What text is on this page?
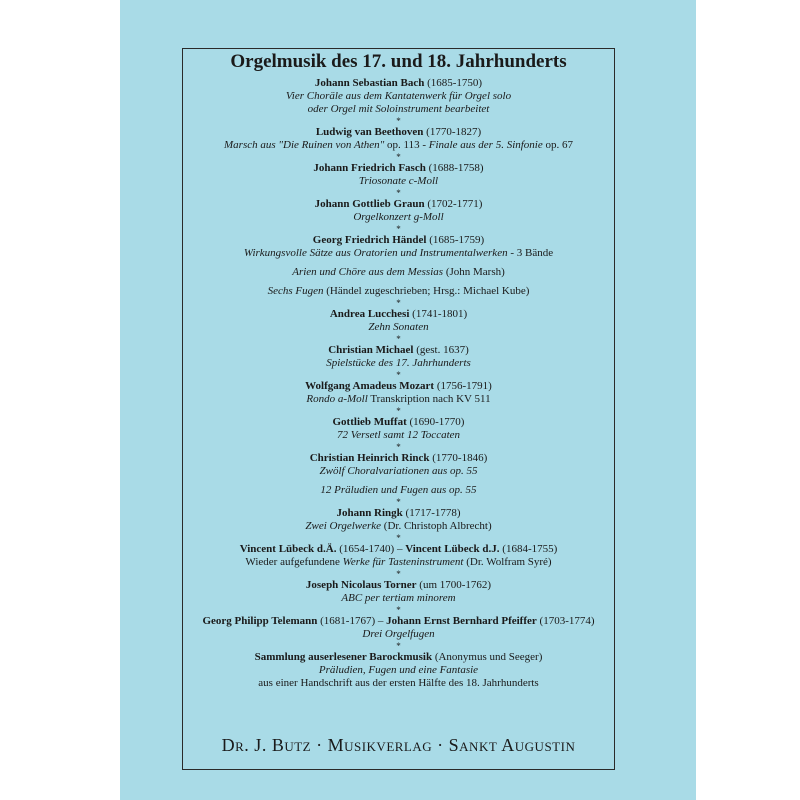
Orgelmusik des 17. und 18. Jahrhunderts
Johann Sebastian Bach (1685-1750)
Vier Choräle aus dem Kantatenwerk für Orgel solo
oder Orgel mit Soloinstrument bearbeitet
*
Ludwig van Beethoven (1770-1827)
Marsch aus "Die Ruinen von Athen" op. 113 - Finale aus der 5. Sinfonie op. 67
*
Johann Friedrich Fasch (1688-1758)
Triosonate c-Moll
*
Johann Gottlieb Graun (1702-1771)
Orgelkonzert g-Moll
*
Georg Friedrich Händel (1685-1759)
Wirkungsvolle Sätze aus Oratorien und Instrumentalwerken - 3 Bände
Arien und Chöre aus dem Messias (John Marsh)
Sechs Fugen (Händel zugeschrieben; Hrsg.: Michael Kube)
*
Andrea Lucchesi (1741-1801)
Zehn Sonaten
*
Christian Michael (gest. 1637)
Spielstücke des 17. Jahrhunderts
*
Wolfgang Amadeus Mozart (1756-1791)
Rondo a-Moll Transkription nach KV 511
*
Gottlieb Muffat (1690-1770)
72 Versetl samt 12 Toccaten
*
Christian Heinrich Rinck (1770-1846)
Zwölf Choralvariationen aus op. 55
12 Präludien und Fugen aus op. 55
*
Johann Ringk (1717-1778)
Zwei Orgelwerke (Dr. Christoph Albrecht)
*
Vincent Lübeck d.Ä. (1654-1740) – Vincent Lübeck d.J. (1684-1755)
Wieder aufgefundene Werke für Tasteninstrument (Dr. Wolfram Syré)
*
Joseph Nicolaus Torner (um 1700-1762)
ABC per tertiam minorem
*
Georg Philipp Telemann (1681-1767) – Johann Ernst Bernhard Pfeiffer (1703-1774)
Drei Orgelfugen
*
Sammlung auserlesener Barockmusik (Anonymus und Seeger)
Präludien, Fugen und eine Fantasie
aus einer Handschrift aus der ersten Hälfte des 18. Jahrhunderts
Dr. J. Butz · Musikverlag · Sankt Augustin
